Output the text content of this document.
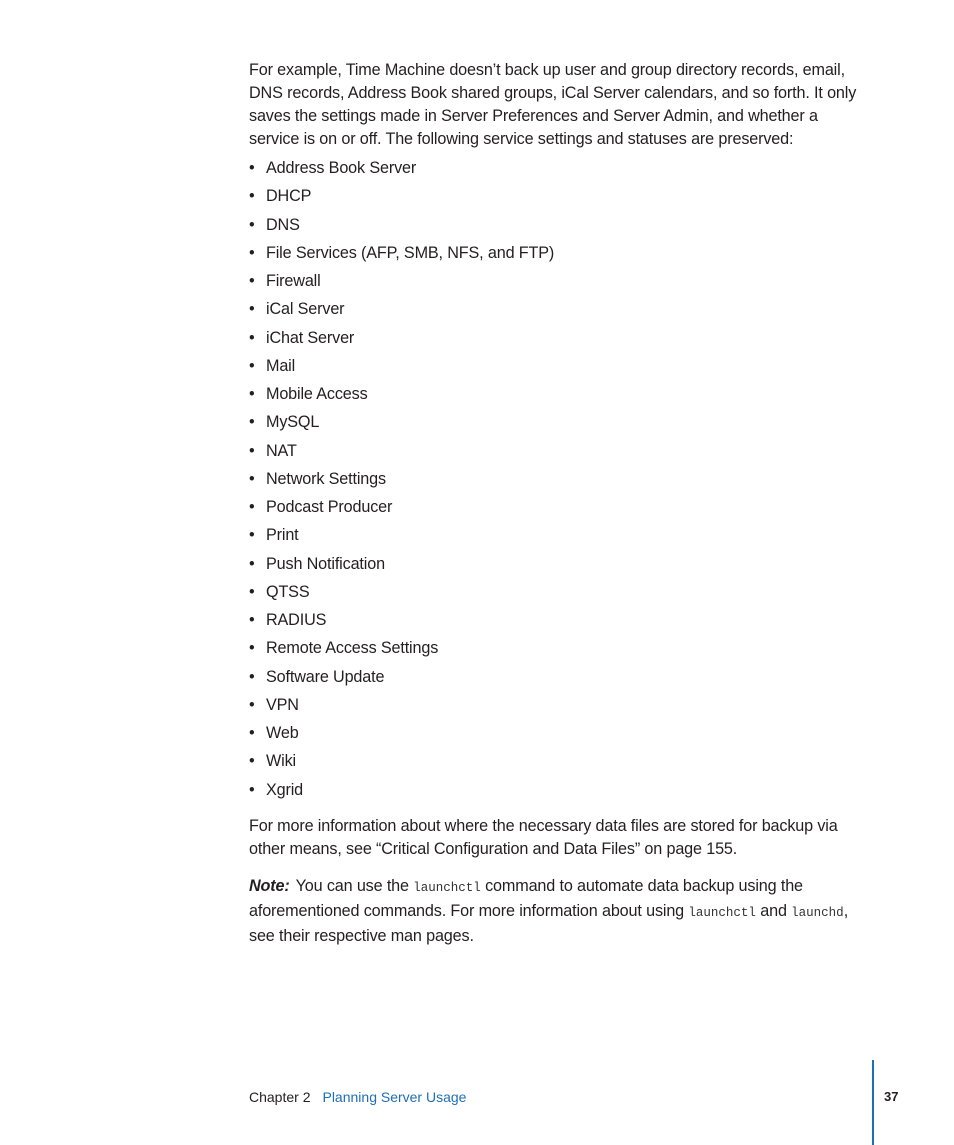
For example, Time Machine doesn’t back up user and group directory records, email, DNS records, Address Book shared groups, iCal Server calendars, and so forth. It only saves the settings made in Server Preferences and Server Admin, and whether a service is on or off. The following service settings and statuses are preserved:

• Address Book Server
• DHCP
• DNS
• File Services (AFP, SMB, NFS, and FTP)
• Firewall
• iCal Server
• iChat Server
• Mail
• Mobile Access
• MySQL
• NAT
• Network Settings
• Podcast Producer
• Print
• Push Notification
• QTSS
• RADIUS
• Remote Access Settings
• Software Update
• VPN
• Web
• Wiki
• Xgrid

For more information about where the necessary data files are stored for backup via other means, see “Critical Configuration and Data Files” on page 155.

Note: You can use the launchctl command to automate data backup using the aforementioned commands. For more information about using launchctl and launchd, see their respective man pages.

Chapter 2 Planning Server Usage	37
